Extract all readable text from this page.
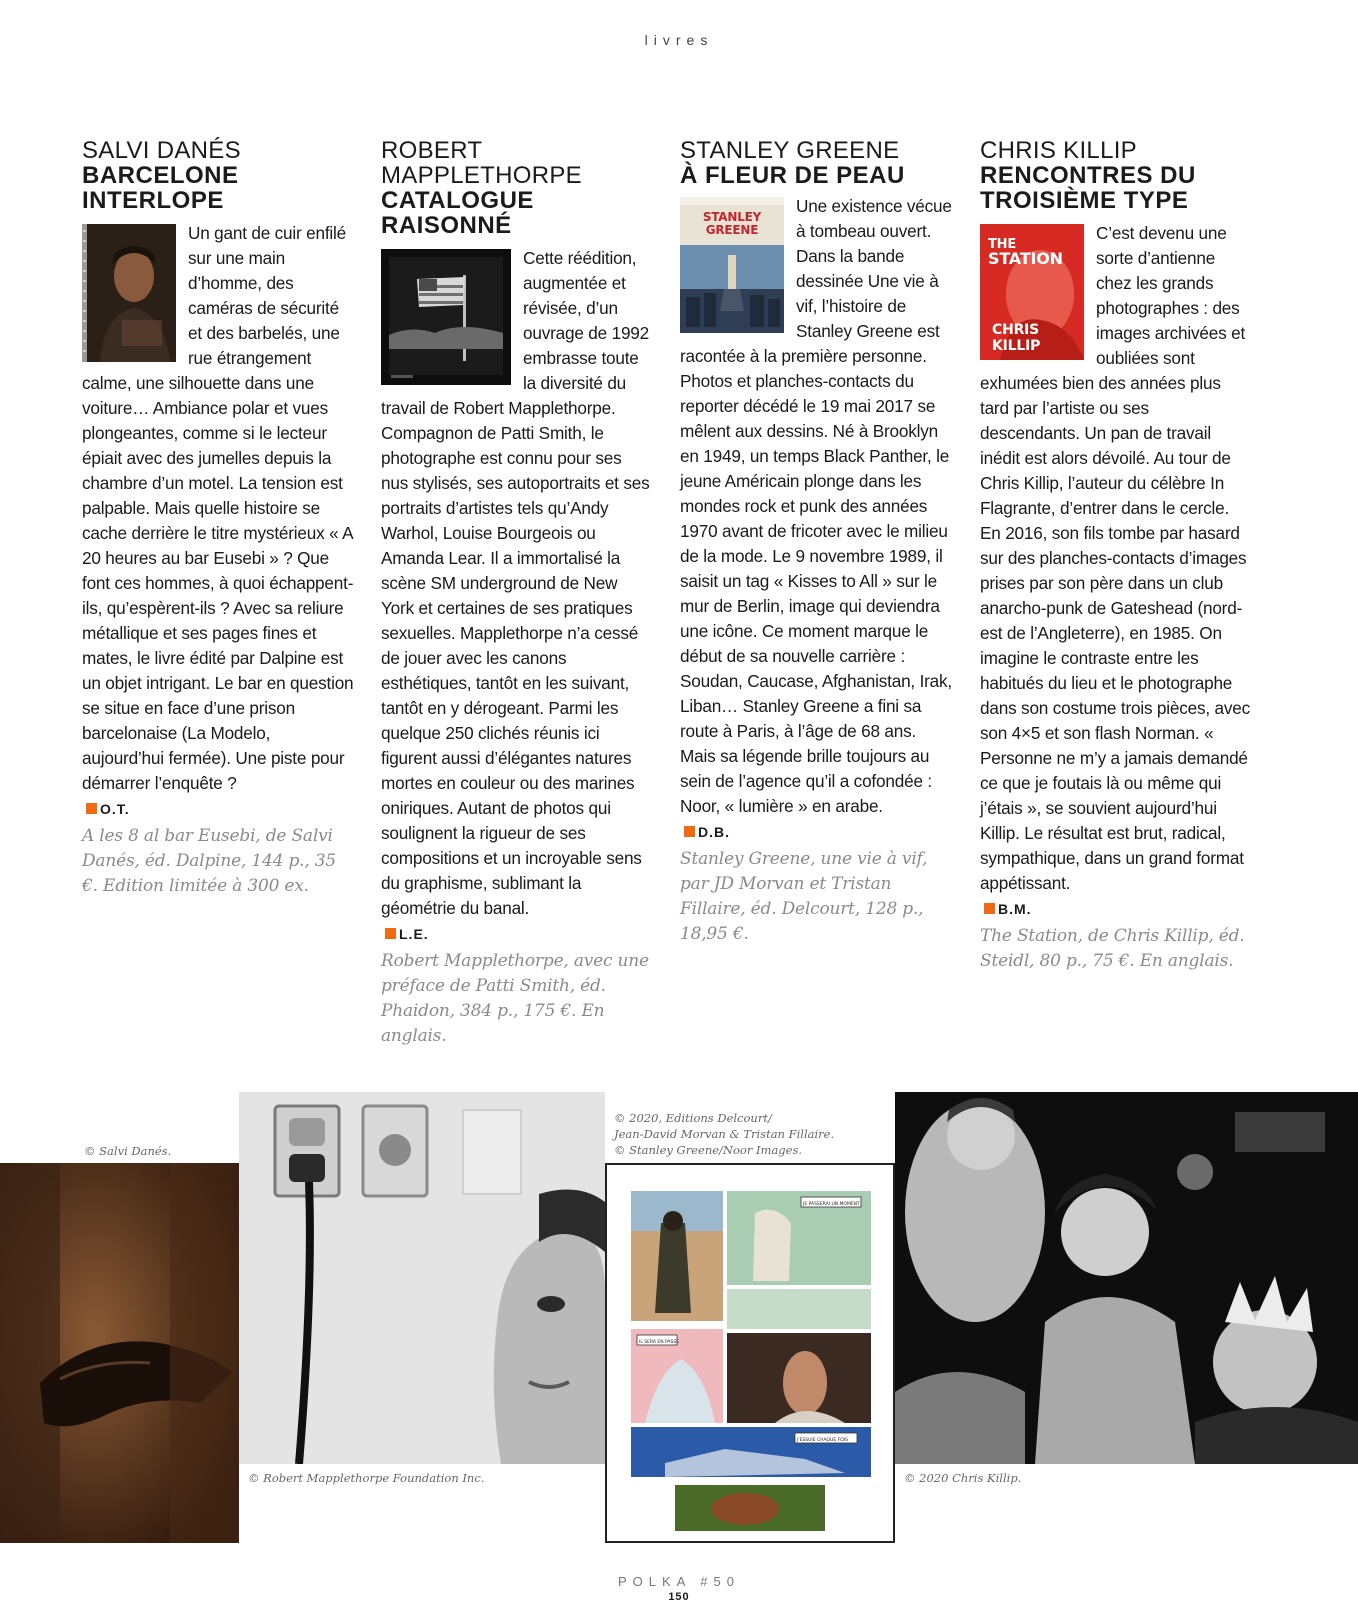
livres
SALVI DANÉS
BARCELONE
INTERLOPE

Un gant de cuir enfilé sur une main d’homme, des caméras de sécurité et des barbelés, une rue étrangement calme, une silhouette dans une voiture… Ambiance polar et vues plongeantes, comme si le lecteur épiait avec des jumelles depuis la chambre d’un motel. La tension est palpable. Mais quelle histoire se cache derrière le titre mystérieux « A 20 heures au bar Eusebi » ? Que font ces hommes, à quoi échappent-ils, qu’espèrent-ils ? Avec sa reliure métallique et ses pages fines et mates, le livre édité par Dalpine est un objet intrigant. Le bar en question se situe en face d’une prison barcelonaise (La Modelo, aujourd’hui fermée). Une piste pour démarrer l’enquête ?

O.T.

A les 8 al bar Eusebi, de Salvi Danés, éd. Dalpine, 144 p., 35 €. Edition limitée à 300 ex.
ROBERT MAPPLETHORPE
CATALOGUE
RAISONNÉ

Cette réédition, augmentée et révisée, d’un ouvrage de 1992 embrasse toute la diversité du travail de Robert Mapplethorpe. Compagnon de Patti Smith, le photographe est connu pour ses nus stylisés, ses autoportraits et ses portraits d’artistes tels qu’Andy Warhol, Louise Bourgeois ou Amanda Lear. Il a immortalisé la scène SM underground de New York et certaines de ses pratiques sexuelles. Mapplethorpe n’a cessé de jouer avec les canons esthétiques, tantôt en les suivant, tantôt en y dérogeant. Parmi les quelque 250 clichés réunis ici figurent aussi d’élégantes natures mortes en couleur ou des marines oniriques. Autant de photos qui soulignent la rigueur de ses compositions et un incroyable sens du graphisme, sublimant la géométrie du banal.

L.E.

Robert Mapplethorpe, avec une préface de Patti Smith, éd. Phaidon, 384 p., 175 €. En anglais.
STANLEY GREENE
À FLEUR DE PEAU
STANLEY
GREENE

Une existence vécue à tombeau ouvert. Dans la bande dessinée Une vie à vif, l’histoire de Stanley Greene est racontée à la première personne. Photos et planches-contacts du reporter décédé le 19 mai 2017 se mêlent aux dessins. Né à Brooklyn en 1949, un temps Black Panther, le jeune Américain plonge dans les mondes rock et punk des années 1970 avant de fricoter avec le milieu de la mode. Le 9 novembre 1989, il saisit un tag « Kisses to All » sur le mur de Berlin, image qui deviendra une icône. Ce moment marque le début de sa nouvelle carrière : Soudan, Caucase, Afghanistan, Irak, Liban… Stanley Greene a fini sa route à Paris, à l’âge de 68 ans. Mais sa légende brille toujours au sein de l’agence qu’il a cofondée : Noor, « lumière » en arabe.

D.B.

Stanley Greene, une vie à vif, par JD Morvan et Tristan Fillaire, éd. Delcourt, 128 p., 18,95 €.
CHRIS KILLIP
RENCONTRES DU
TROISIÈME TYPE
THE
STATION
CHRIS
KILLIP

C’est devenu une sorte d’antienne chez les grands photographes : des images archivées et oubliées sont exhumées bien des années plus tard par l’artiste ou ses descendants. Un pan de travail inédit est alors dévoilé. Au tour de Chris Killip, l’auteur du célèbre In Flagrante, d’entrer dans le cercle. En 2016, son fils tombe par hasard sur des planches-contacts d’images prises par son père dans un club anarcho-punk de Gateshead (nord-est de l’Angleterre), en 1985. On imagine le contraste entre les habitués du lieu et le photographe dans son costume trois pièces, avec son 4×5 et son flash Norman. « Personne ne m’y a jamais demandé ce que je foutais là ou même qui j’étais », se souvient aujourd’hui Killip. Le résultat est brut, radical, sympathique, dans un grand format appétissant.

B.M.

The Station, de Chris Killip, éd. Steidl, 80 p., 75 €. En anglais.
© Salvi Danés.
© Robert Mapplethorpe Foundation Inc.
© 2020, Editions Delcourt/
Jean-David Morvan & Tristan Fillaire.
© Stanley Greene/Noor Images.
JE PASSERAI UN MOMENT
IL SERA EN PASSE
J'ESSUIE CHAQUE FOIS
© 2020 Chris Killip.
POLKA #50
150
